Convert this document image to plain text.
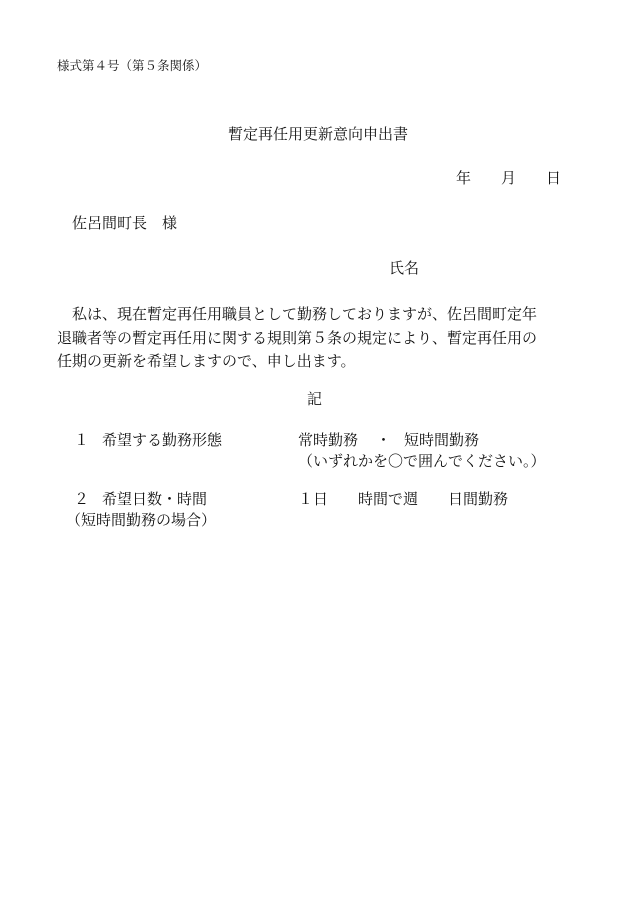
様式第４号（第５条関係）
暫定再任用更新意向申出書
年 月 日
佐呂間町長　様
氏名
　私は、現在暫定再任用職員として勤務しておりますが、佐呂間町定年
退職者等の暫定再任用に関する規則第５条の規定により、暫定再任用の
任期の更新を希望しますので、申し出ます。
記
１ 希望する勤務形態	常時勤務 ・ 短時間勤務
（いずれかを〇で囲んでください。）
２ 希望日数・時間	１日 時間で週 日間勤務
（短時間勤務の場合）
